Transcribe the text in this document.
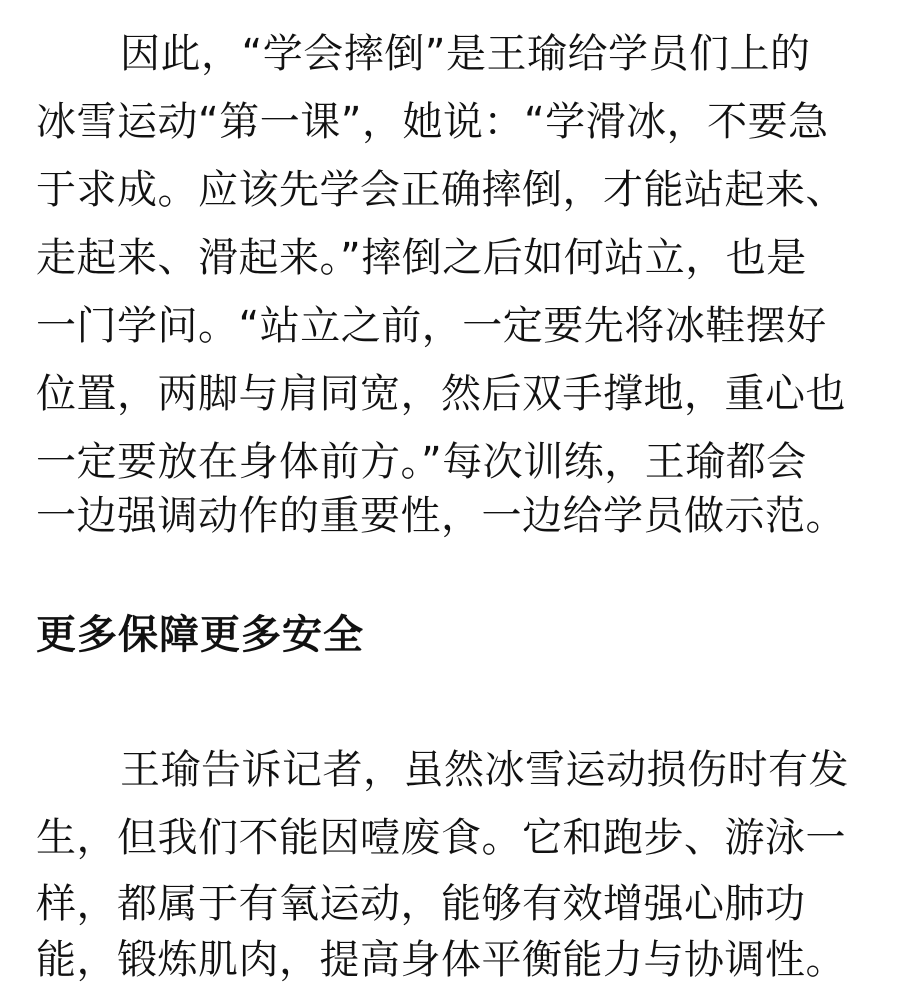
因此，“学会摔倒”是王瑜给学员们上的
冰雪运动“第一课”，她说：“学滑冰，不要急
于求成。应该先学会正确摔倒，才能站起来、
走起来、滑起来。”摔倒之后如何站立，也是
一门学问。“站立之前，一定要先将冰鞋摆好
位置，两脚与肩同宽，然后双手撑地，重心也
一定要放在身体前方。”每次训练，王瑜都会
一边强调动作的重要性，一边给学员做示范。
更多保障更多安全
王瑜告诉记者，虽然冰雪运动损伤时有发
生，但我们不能因噎废食。它和跑步、游泳一
样，都属于有氧运动，能够有效增强心肺功
能，锻炼肌肉，提高身体平衡能力与协调性。
